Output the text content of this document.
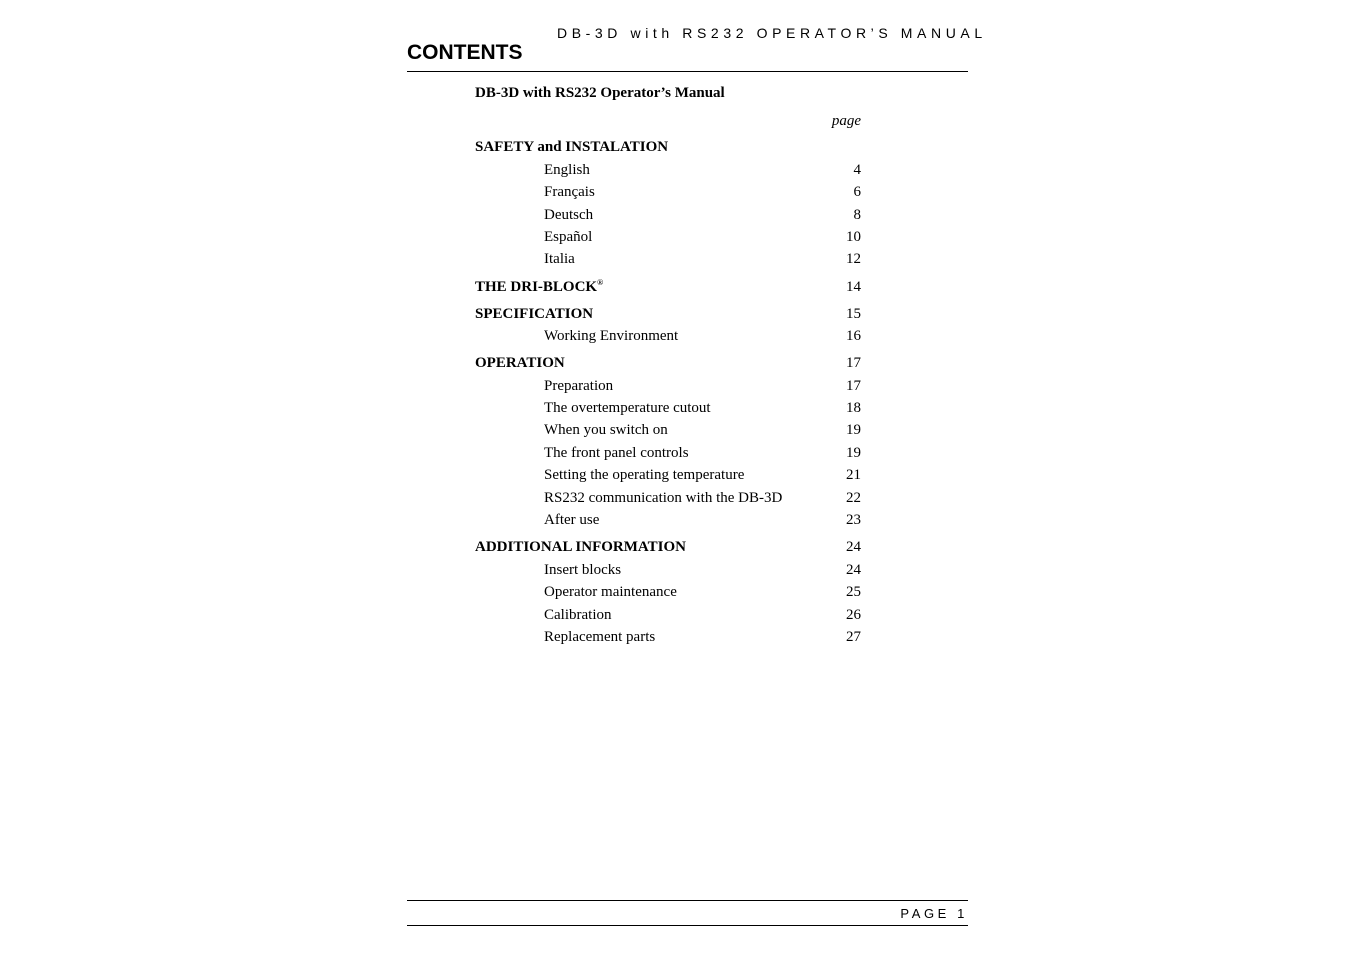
DB-3D with RS232 OPERATOR’S MANUAL
CONTENTS
DB-3D with RS232 Operator’s Manual
page
SAFETY and INSTALATION
English	4
Français	6
Deutsch	8
Español	10
Italia	12
THE DRI-BLOCK®	14
SPECIFICATION	15
Working Environment	16
OPERATION	17
Preparation	17
The overtemperature cutout	18
When you switch on	19
The front panel controls	19
Setting the operating temperature	21
RS232 communication with the DB-3D	22
After use	23
ADDITIONAL INFORMATION	24
Insert blocks	24
Operator maintenance	25
Calibration	26
Replacement parts	27
PAGE 1
